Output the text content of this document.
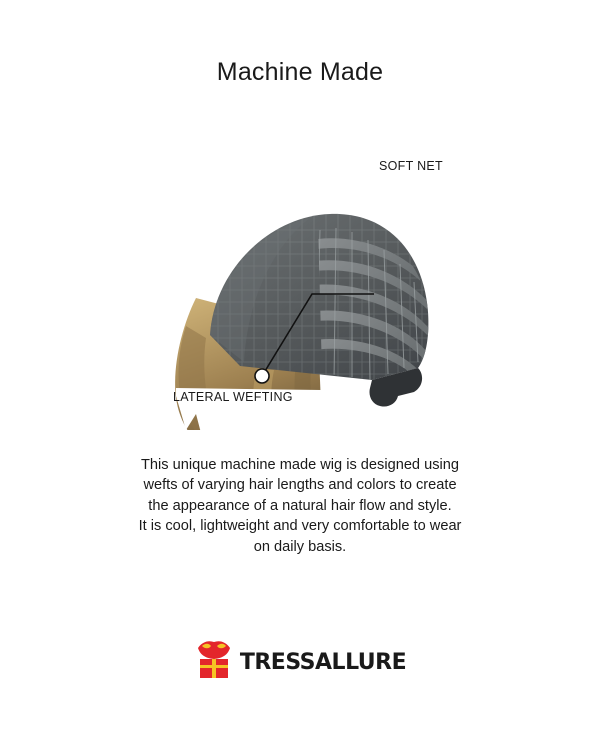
Machine Made
SOFT NET
LATERAL WEFTING
This unique machine made wig is designed using
wefts of varying hair lengths and colors to create
the appearance of a natural hair flow and style.
It is cool, lightweight and very comfortable to wear
on daily basis.
TRESSALLURE
